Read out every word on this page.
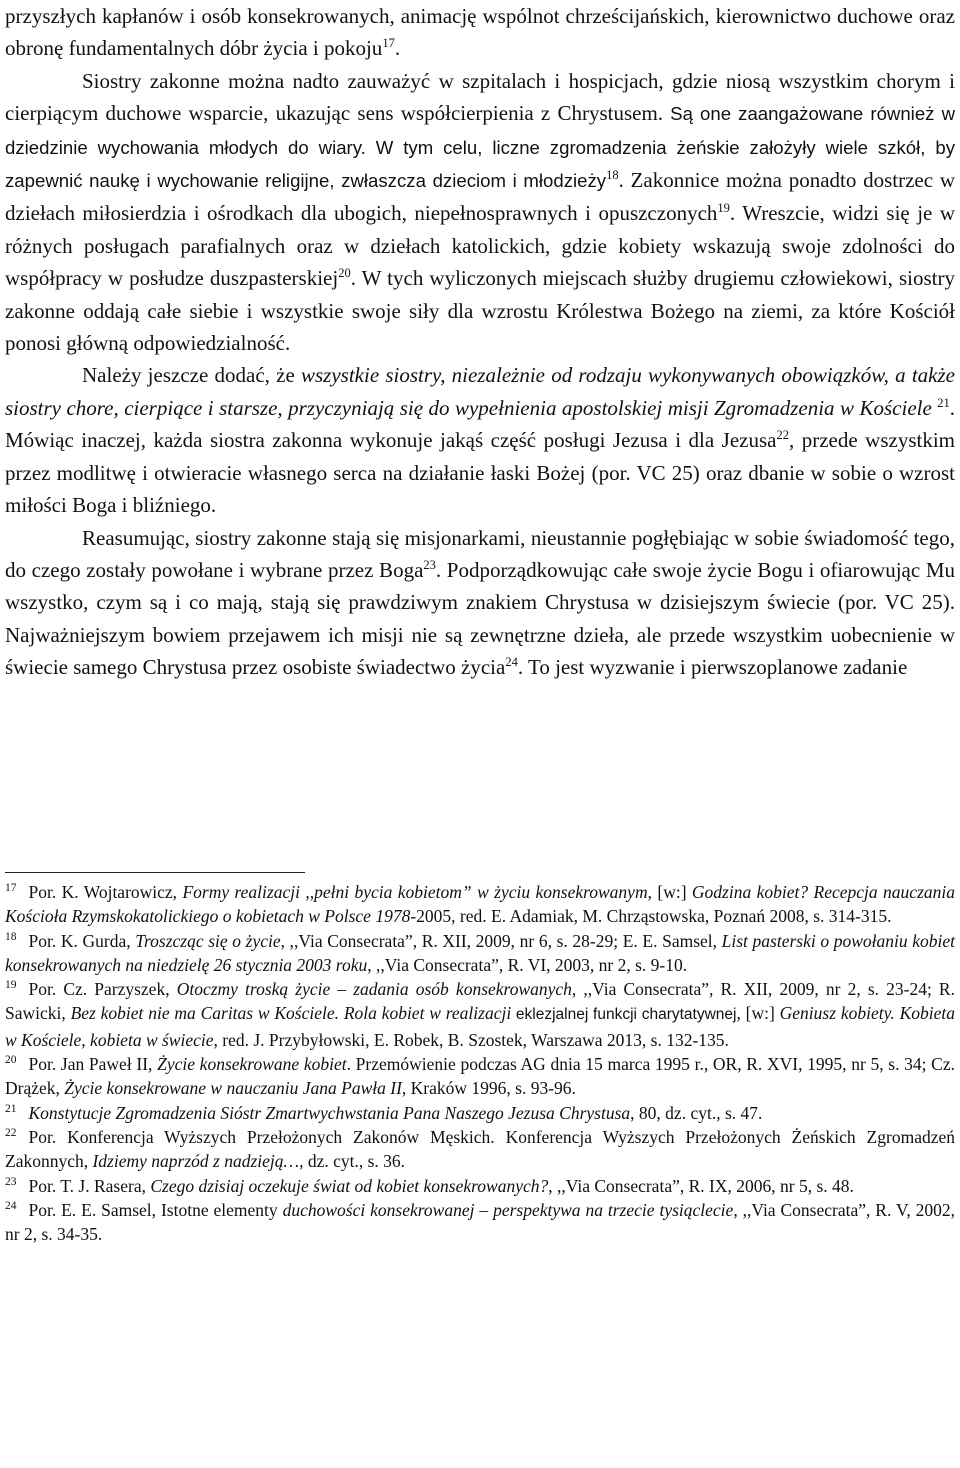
przyszłych kapłanów i osób konsekrowanych, animację wspólnot chrześcijańskich, kierownictwo duchowe oraz obronę fundamentalnych dóbr życia i pokoju$^{17}$.

Siostry zakonne można nadto zauważyć w szpitalach i hospicjach, gdzie niosą wszystkim chorym i cierpiącym duchowe wsparcie, ukazując sens współcierpienia z Chrystusem. Są one zaangażowane również w dziedzinie wychowania młodych do wiary. W tym celu, liczne zgromadzenia żeńskie założyły wiele szkół, by zapewnić naukę i wychowanie religijne, zwłaszcza dzieciom i młodzieży$^{18}$. Zakonnice można ponadto dostrzec w dziełach miłosierdzia i ośrodkach dla ubogich, niepełnosprawnych i opuszczonych$^{19}$. Wreszcie, widzi się je w różnych posługach parafialnych oraz w dziełach katolickich, gdzie kobiety wskazują swoje zdolności do współpracy w posłudze duszpasterskiej$^{20}$. W tych wyliczonych miejscach służby drugiemu człowiekowi, siostry zakonne oddają całe siebie i wszystkie swoje siły dla wzrostu Królestwa Bożego na ziemi, za które Kościół ponosi główną odpowiedzialność.

Należy jeszcze dodać, że wszystkie siostry, niezależnie od rodzaju wykonywanych obowiązków, a także siostry chore, cierpiące i starsze, przyczyniają się do wypełnienia apostolskiej misji Zgromadzenia w Kościele $^{21}$. Mówiąc inaczej, każda siostra zakonna wykonuje jakąś część posługi Jezusa i dla Jezusa$^{22}$, przede wszystkim przez modlitwę i otwieracie własnego serca na działanie łaski Bożej (por. VC 25) oraz dbanie w sobie o wzrost miłości Boga i bliźniego.

Reasumując, siostry zakonne stają się misjonarkami, nieustannie pogłębiając w sobie świadomość tego, do czego zostały powołane i wybrane przez Boga$^{23}$. Podporządkowując całe swoje życie Bogu i ofiarowując Mu wszystko, czym są i co mają, stają się prawdziwym znakiem Chrystusa w dzisiejszym świecie (por. VC 25). Najważniejszym bowiem przejawem ich misji nie są zewnętrzne dzieła, ale przede wszystkim uobecnienie w świecie samego Chrystusa przez osobiste świadectwo życia$^{24}$. To jest wyzwanie i pierwszoplanowe zadanie

$^{17}$ Por. K. Wojtarowicz, Formy realizacji ,,pełni bycia kobietom” w życiu konsekrowanym, [w:] Godzina kobiet? Recepcja nauczania Kościoła Rzymskokatolickiego o kobietach w Polsce 1978-2005, red. E. Adamiak, M. Chrząstowska, Poznań 2008, s. 314-315.

$^{18}$ Por. K. Gurda, Troszcząc się o życie, ,,Via Consecrata”, R. XII, 2009, nr 6, s. 28-29; E. E. Samsel, List pasterski o powołaniu kobiet konsekrowanych na niedzielę 26 stycznia 2003 roku, ,,Via Consecrata”, R. VI, 2003, nr 2, s. 9-10.

$^{19}$ Por. Cz. Parzyszek, Otoczmy troską życie – zadania osób konsekrowanych, ,,Via Consecrata”, R. XII, 2009, nr 2, s. 23-24; R. Sawicki, Bez kobiet nie ma Caritas w Kościele. Rola kobiet w realizacji eklezjalnej funkcji charytatywnej, [w:] Geniusz kobiety. Kobieta w Kościele, kobieta w świecie, red. J. Przybyłowski, E. Robek, B. Szostek, Warszawa 2013, s. 132-135.

$^{20}$ Por. Jan Paweł II, Życie konsekrowane kobiet. Przemówienie podczas AG dnia 15 marca 1995 r., OR, R. XVI, 1995, nr 5, s. 34; Cz. Drążek, Życie konsekrowane w nauczaniu Jana Pawła II, Kraków 1996, s. 93-96.

$^{21}$ Konstytucje Zgromadzenia Sióstr Zmartwychwstania Pana Naszego Jezusa Chrystusa, 80, dz. cyt., s. 47.

$^{22}$ Por. Konferencja Wyższych Przełożonych Zakonów Męskich. Konferencja Wyższych Przełożonych Żeńskich Zgromadzeń Zakonnych, Idziemy naprzód z nadzieją…, dz. cyt., s. 36.

$^{23}$ Por. T. J. Rasera, Czego dzisiaj oczekuje świat od kobiet konsekrowanych?, ,,Via Consecrata”, R. IX, 2006, nr 5, s. 48.

$^{24}$ Por. E. E. Samsel, Istotne elementy duchowości konsekrowanej – perspektywa na trzecie tysiąclecie, ,,Via Consecrata”, R. V, 2002, nr 2, s. 34-35.
